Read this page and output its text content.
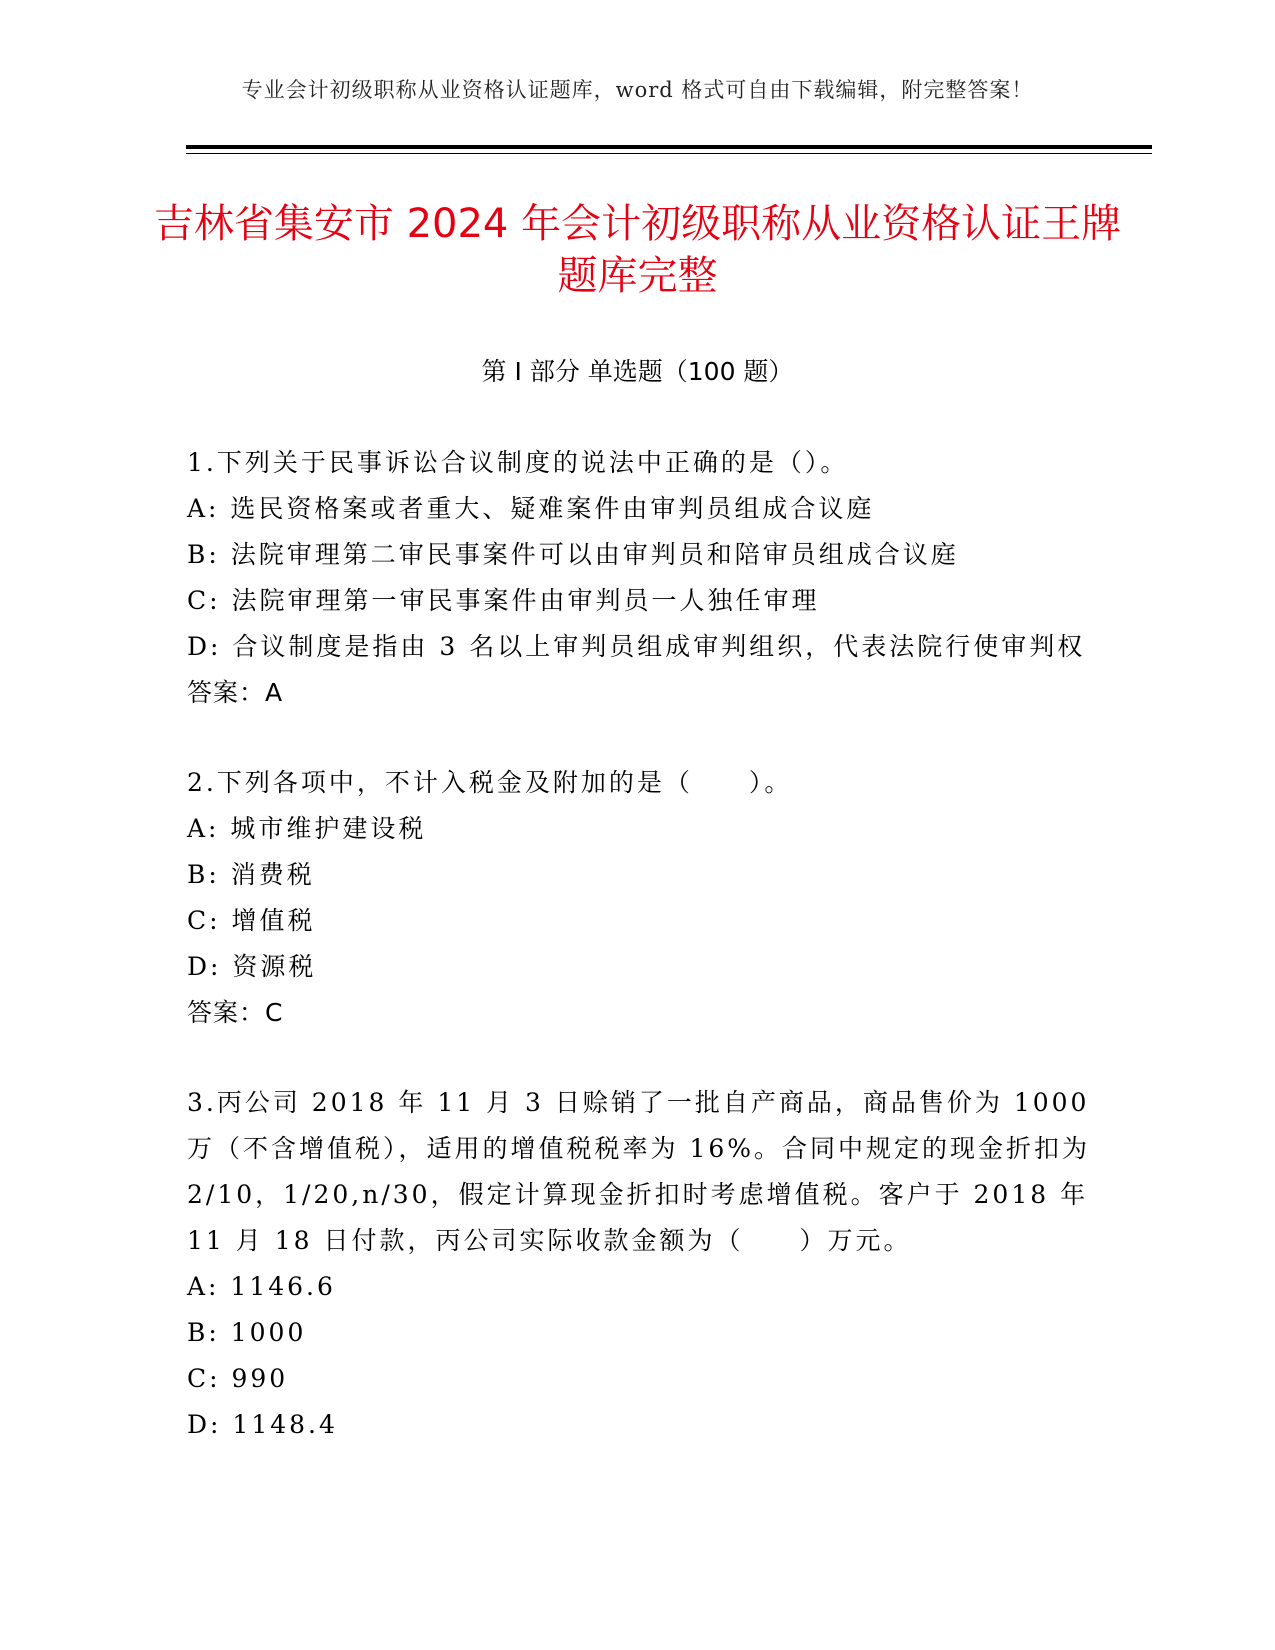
专业会计初级职称从业资格认证题库，word 格式可自由下载编辑，附完整答案！
吉林省集安市 2024 年会计初级职称从业资格认证王牌题库完整
第 I 部分 单选题（100 题）

1.下列关于民事诉讼合议制度的说法中正确的是（）。

A: 选民资格案或者重大、疑难案件由审判员组成合议庭

B: 法院审理第二审民事案件可以由审判员和陪审员组成合议庭

C: 法院审理第一审民事案件由审判员一人独任审理

D: 合议制度是指由 3 名以上审判员组成审判组织，代表法院行使审判权

答案：A

2.下列各项中，不计入税金及附加的是（　　）。

A: 城市维护建设税

B: 消费税

C: 增值税

D: 资源税

答案：C

3.丙公司 2018 年 11 月 3 日赊销了一批自产商品，商品售价为 1000 万（不含增值税），适用的增值税税率为 16%。合同中规定的现金折扣为 2/10，1/20,n/30，假定计算现金折扣时考虑增值税。客户于 2018 年 11 月 18 日付款，丙公司实际收款金额为（　　）万元。

A: 1146.6

B: 1000

C: 990

D: 1148.4
